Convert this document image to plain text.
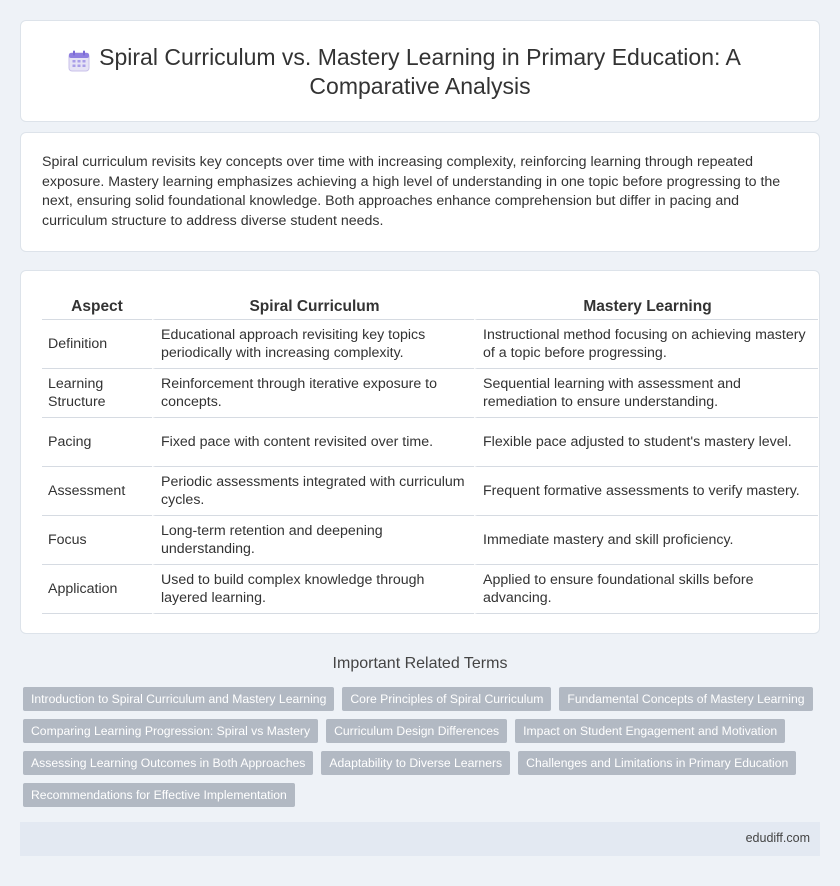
Spiral Curriculum vs. Mastery Learning in Primary Education: A Comparative Analysis

Spiral curriculum revisits key concepts over time with increasing complexity, reinforcing learning through repeated exposure. Mastery learning emphasizes achieving a high level of understanding in one topic before progressing to the next, ensuring solid foundational knowledge. Both approaches enhance comprehension but differ in pacing and curriculum structure to address diverse student needs.

Aspect	Spiral Curriculum	Mastery Learning
Definition	Educational approach revisiting key topics periodically with increasing complexity.	Instructional method focusing on achieving mastery of a topic before progressing.
Learning Structure	Reinforcement through iterative exposure to concepts.	Sequential learning with assessment and remediation to ensure understanding.
Pacing	Fixed pace with content revisited over time.	Flexible pace adjusted to student's mastery level.
Assessment	Periodic assessments integrated with curriculum cycles.	Frequent formative assessments to verify mastery.
Focus	Long-term retention and deepening understanding.	Immediate mastery and skill proficiency.
Application	Used to build complex knowledge through layered learning.	Applied to ensure foundational skills before advancing.
Important Related Terms
Introduction to Spiral Curriculum and Mastery Learning	Core Principles of Spiral Curriculum	Fundamental Concepts of Mastery Learning
Comparing Learning Progression: Spiral vs Mastery	Curriculum Design Differences	Impact on Student Engagement and Motivation
Assessing Learning Outcomes in Both Approaches	Adaptability to Diverse Learners	Challenges and Limitations in Primary Education
Recommendations for Effective Implementation
edudiff.com
